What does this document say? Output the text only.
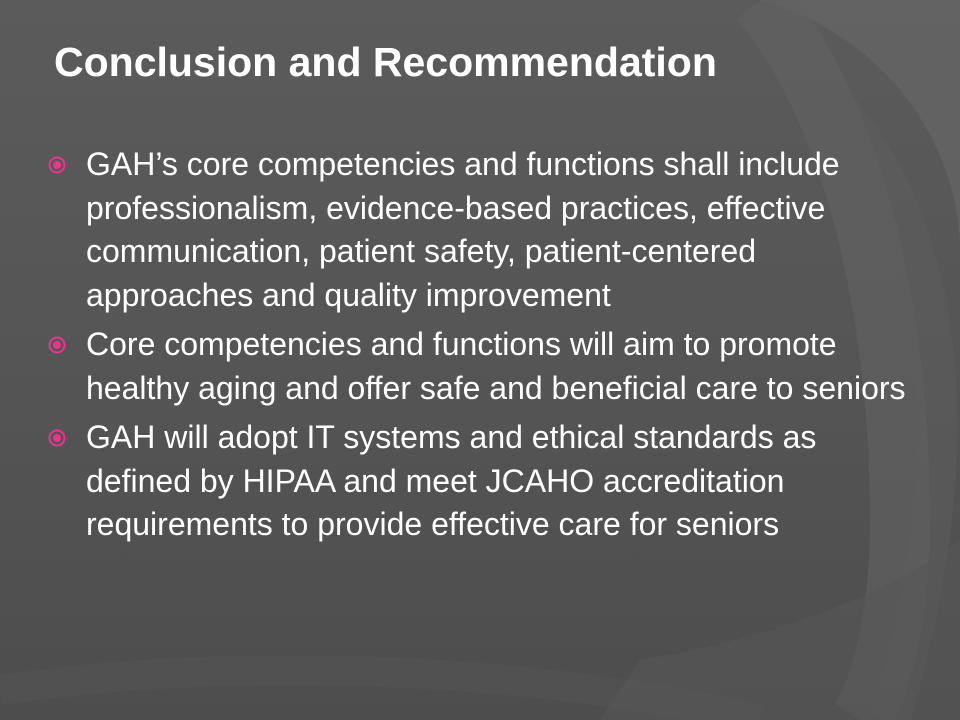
Conclusion and Recommendation
GAH’s core competencies and functions shall include professionalism, evidence-based practices, effective communication, patient safety, patient-centered approaches and quality improvement
Core competencies and functions will aim to promote healthy aging and offer safe and beneficial care to seniors
GAH will adopt IT systems and ethical standards as defined by HIPAA and meet JCAHO accreditation requirements to provide effective care for seniors
